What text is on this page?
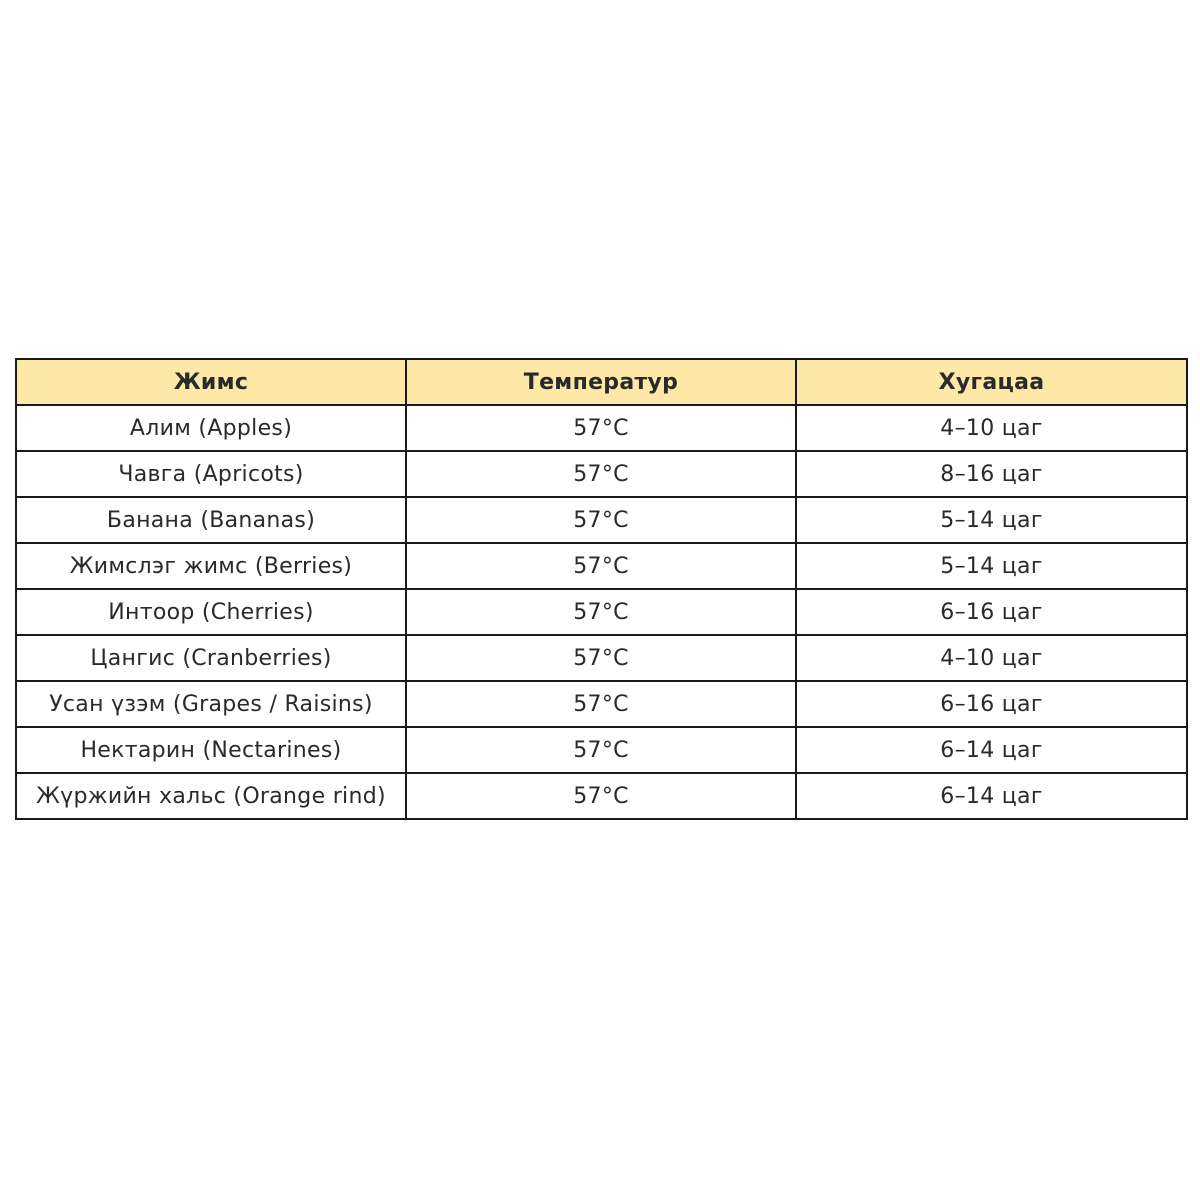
Жимс	Температур	Хугацаа
Алим (Apples)	57°C	4–10 цаг
Чавга (Apricots)	57°C	8–16 цаг
Банана (Bananas)	57°C	5–14 цаг
Жимслэг жимс (Berries)	57°C	5–14 цаг
Интоор (Cherries)	57°C	6–16 цаг
Цангис (Cranberries)	57°C	4–10 цаг
Усан үзэм (Grapes / Raisins)	57°C	6–16 цаг
Нектарин (Nectarines)	57°C	6–14 цаг
Жүржийн хальс (Orange rind)	57°C	6–14 цаг
